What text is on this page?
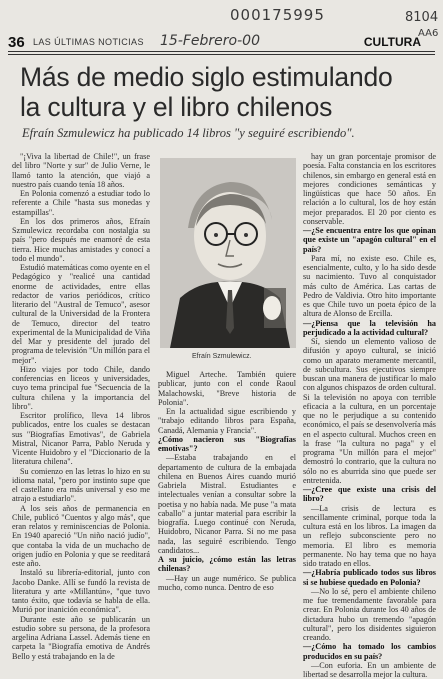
000175995	8104
AA6
15-Febrero-00
36 LAS ÚLTIMAS NOTICIAS	CULTURA
Más de medio siglo estimulando
la cultura y el libro chilenos
Efraín Szmulewicz ha publicado 14 libros "y seguiré escribiendo".

"¡Viva la libertad de Chile!", un frase del libro "Norte y sur" de Julio Verne, le llamó tanto la atención, que viajó a nuestro país cuando tenía 18 años.

En Polonia comenzó a estudiar todo lo referente a Chile "hasta sus monedas y estampillas".

En los dos primeros años, Efraín Szmulewicz recordaba con nostalgia su país "pero después me enamoré de esta tierra. Hice muchas amistades y conocí a todo el mundo".

Estudió matemáticas como oyente en el Pedagógico y "realicé una cantidad enorme de actividades, entre ellas redactor de varios periódicos, crítico literario del "Austral de Temuco", asesor cultural de la Universidad de la Frontera de Temuco, director del teatro experimental de la Municipalidad de Viña del Mar y presidente del jurado del programa de televisión "Un millón para el mejor".

Hizo viajes por todo Chile, dando conferencias en liceos y universidades, cuyo tema principal fue "Secuencia de la cultura chilena y la importancia del libro".

Escritor prolífico, lleva 14 libros publicados, entre los cuales se destacan sus "Biografías Emotivas", de Gabriela Mistral, Nicanor Parra, Pablo Neruda y Vicente Huidobro y el "Diccionario de la literatura chilena".

Su comienzo en las letras lo hizo en su idioma natal, "pero por instinto supe que el castellano era más universal y eso me atrajo a estudiarlo".

A los seis años de permanencia en Chile, publicó "Cuentos y algo más", que eran relatos y reminiscencias de Polonia. En 1940 apareció "Un niño nació judío", que contaba la vida de un muchacho de origen judío en Polonia y que se reeditará este año.

Instaló su librería-editorial, junto con Jacobo Danke. Allí se fundó la revista de literatura y arte «Millantún», "que tuvo tanto éxito, que todavía se habla de ella. Murió por inanición económica".

Durante este año se publicarán un estudio sobre su persona, de la profesora argelina Adriana Lassel. Además tiene en carpeta la "Biografía emotiva de Andrés Bello y está trabajando en la de

Efraín Szmulewicz.

Miguel Arteche. También quiere publicar, junto con el conde Raoul Malachowski, "Breve historia de Polonia".

En la actualidad sigue escribiendo y "trabajo editando libros para España, Canadá, Alemania y Francia".

¿Cómo nacieron sus "Biografías emotivas"?

—Estaba trabajando en el departamento de cultura de la embajada chilena en Buenos Aires cuando murió Gabriela Mistral. Estudiantes e intelectuales venían a consultar sobre la poetisa y no había nada. Me puse "a mata caballo" a juntar material para escribir la biografía. Luego continué con Neruda, Huidobro, Nicanor Parra. Si no me pasa nada, las seguiré escribiendo. Tengo candidatos...

A su juicio, ¿cómo están las letras chilenas?

—Hay un auge numérico. Se publica mucho, como nunca. Dentro de eso

hay un gran porcentaje promisor de poesía. Falta constancia en los escritores chilenos, sin embargo en general está en mejores condiciones semánticas y lingüísticas que hace 50 años. En relación a lo cultural, los de hoy están mejor preparados. El 20 por ciento es conservable.

—¿Se encuentra entre los que opinan que existe un "apagón cultural" en el país?

Para mí, no existe eso. Chile es, esencialmente, culto, y lo ha sido desde su nacimiento. Tuvo al conquistador más culto de América. Las cartas de Pedro de Valdivia. Otro hito importante es que Chile tuvo un poeta épico de la altura de Alonso de Ercilla.

—¿Piensa que la televisión ha perjudicado a la actividad cultural?

Sí, siendo un elemento valioso de difusión y apoyo cultural, se inició como un aparato meramente mercantil, de subcultura. Sus ejecutivos siempre buscan una manera de justificar lo malo con algunos chispazos de orden cultural. Si la televisión no apoya con terrible eficacia a la cultura, en un porcentaje que no le perjudique a su contenido económico, el país se desenvolvería más en el aspecto cultural. Muchos creen en la frase "la cultura no paga" y el programa "Un millón para el mejor" demostró lo contrario, que la cultura no sólo no es aburrida sino que puede ser entretenida.

—¿Cree que existe una crisis del libro?

—La crisis de lectura es sencillamente criminal, porque toda la cultura está en los libros. La imagen da un reflejo subconsciente pero no memoria. El libro es memoria permanente. No hay tema que no haya sido tratado en ellos.

—¿Habría publicado todos sus libros si se hubiese quedado en Polonia?

—No lo sé, pero el ambiente chileno me fue tremendamente favorable para crear. En Polonia durante los 40 años de dictadura hubo un tremendo "apagón cultural", pero los disidentes siguieron creando.

—¿Cómo ha tomado los cambios producidos en su país?

—Con euforia. En un ambiente de libertad se desarrolla mejor la cultura.
